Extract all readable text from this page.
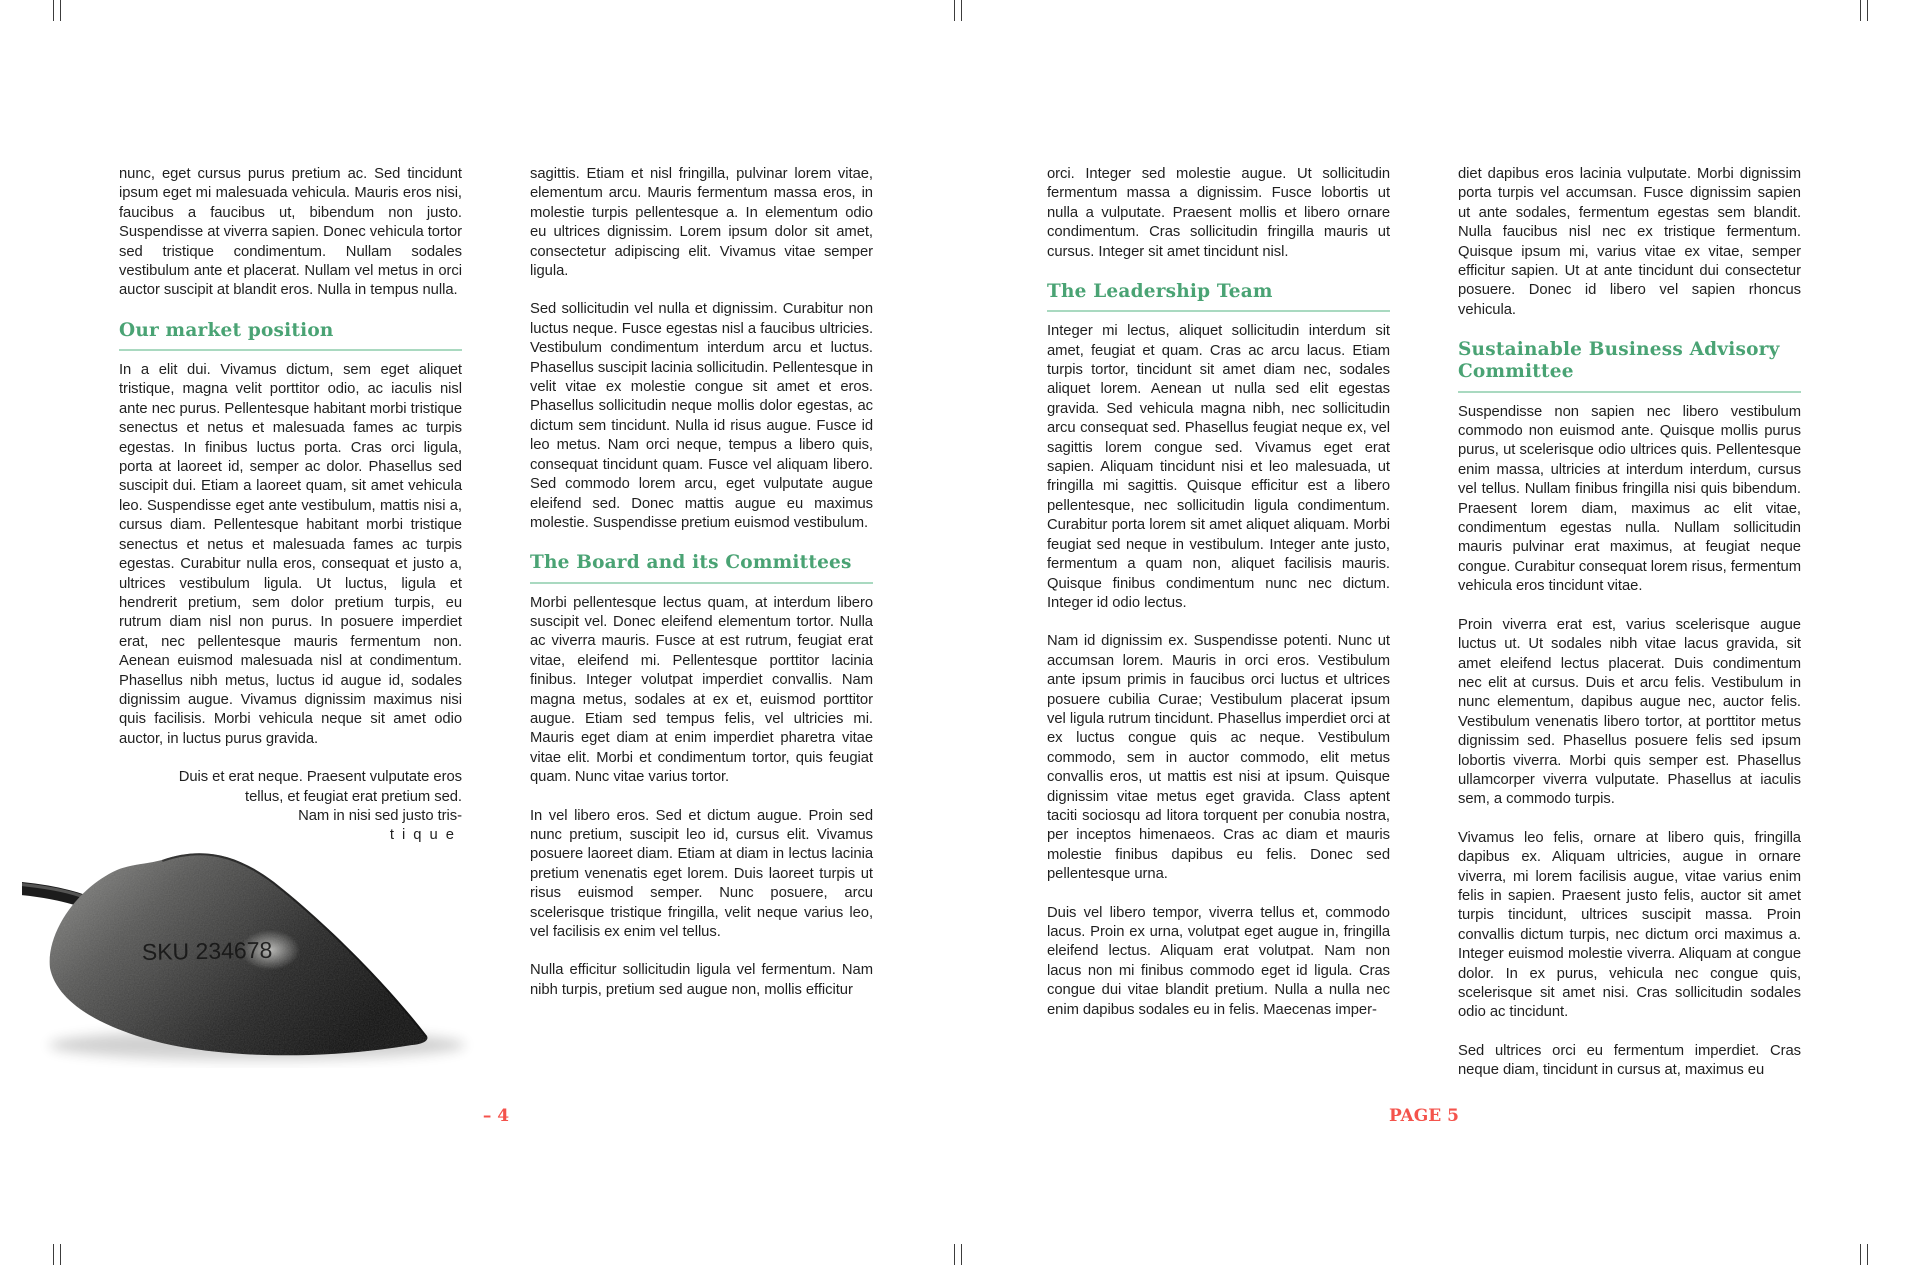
nunc, eget cursus purus pretium ac. Sed tincidunt ipsum eget mi malesuada vehicula. Mauris eros nisi, faucibus a faucibus ut, bibendum non justo. Suspendisse at viverra sapien. Donec vehicula tortor sed tristique condimentum. Nullam sodales vestibulum ante et placerat. Nullam vel metus in orci auctor suscipit at blandit eros. Nulla in tempus nulla.

Our market position

In a elit dui. Vivamus dictum, sem eget aliquet tristique, magna velit porttitor odio, ac iaculis nisl ante nec purus. Pellentesque habitant morbi tristique senectus et netus et malesuada fames ac turpis egestas. In finibus luctus porta. Cras orci ligula, porta at laoreet id, semper ac dolor. Phasellus sed suscipit dui. Etiam a laoreet quam, sit amet vehicula leo. Suspendisse eget ante vestibulum, mattis nisi a, cursus diam. Pellentesque habitant morbi tristique senectus et netus et malesuada fames ac turpis egestas. Curabitur nulla eros, consequat et justo a, ultrices vestibulum ligula. Ut luctus, ligula et hendrerit pretium, sem dolor pretium turpis, eu rutrum diam nisl non purus. In posuere imperdiet erat, nec pellentesque mauris fermentum non. Aenean euismod malesuada nisl at condimentum. Phasellus nibh metus, luctus id augue id, sodales dignissim augue. Vivamus dignissim maximus nisi quis facilisis. Morbi vehicula neque sit amet odio auctor, in luctus purus gravida.

Duis et erat neque. Praesent vulputate eros tellus, et feugiat erat pretium sed. Nam in nisi sed justo tris-
tique

sagittis. Etiam et nisl fringilla, pulvinar lorem vitae, elementum arcu. Mauris fermentum massa eros, in molestie turpis pellentesque a. In elementum odio eu ultrices dignissim. Lorem ipsum dolor sit amet, consectetur adipiscing elit. Vivamus vitae semper ligula.

Sed sollicitudin vel nulla et dignissim. Curabitur non luctus neque. Fusce egestas nisl a faucibus ultricies. Vestibulum condimentum interdum arcu et luctus. Phasellus suscipit lacinia sollicitudin. Pellentesque in velit vitae ex molestie congue sit amet et eros. Phasellus sollicitudin neque mollis dolor egestas, ac dictum sem tincidunt. Nulla id risus augue. Fusce id leo metus. Nam orci neque, tempus a libero quis, consequat tincidunt quam. Fusce vel aliquam libero. Sed commodo lorem arcu, eget vulputate augue eleifend sed. Donec mattis augue eu maximus molestie. Suspendisse pretium euismod vestibulum.

The Board and its Committees

Morbi pellentesque lectus quam, at interdum libero suscipit vel. Donec eleifend elementum tortor. Nulla ac viverra mauris. Fusce at est rutrum, feugiat erat vitae, eleifend mi. Pellentesque porttitor lacinia finibus. Integer volutpat imperdiet convallis. Nam magna metus, sodales at ex et, euismod porttitor augue. Etiam sed tempus felis, vel ultricies mi. Mauris eget diam at enim imperdiet pharetra vitae vitae elit. Morbi et condimentum tortor, quis feugiat quam. Nunc vitae varius tortor.

In vel libero eros. Sed et dictum augue. Proin sed nunc pretium, suscipit leo id, cursus elit. Vivamus posuere laoreet diam. Etiam at diam in lectus lacinia pretium venenatis eget lorem. Duis laoreet turpis ut risus euismod semper. Nunc posuere, arcu scelerisque tristique fringilla, velit neque varius leo, vel facilisis ex enim vel tellus.

Nulla efficitur sollicitudin ligula vel fermentum. Nam nibh turpis, pretium sed augue non, mollis efficitur

orci. Integer sed molestie augue. Ut sollicitudin fermentum massa a dignissim. Fusce lobortis ut nulla a vulputate. Praesent mollis et libero ornare condimentum. Cras sollicitudin fringilla mauris ut cursus. Integer sit amet tincidunt nisl.

The Leadership Team

Integer mi lectus, aliquet sollicitudin interdum sit amet, feugiat et quam. Cras ac arcu lacus. Etiam turpis tortor, tincidunt sit amet diam nec, sodales aliquet lorem. Aenean ut nulla sed elit egestas gravida. Sed vehicula magna nibh, nec sollicitudin arcu consequat sed. Phasellus feugiat neque ex, vel sagittis lorem congue sed. Vivamus eget erat sapien. Aliquam tincidunt nisi et leo malesuada, ut fringilla mi sagittis. Quisque efficitur est a libero pellentesque, nec sollicitudin ligula condimentum. Curabitur porta lorem sit amet aliquet aliquam. Morbi feugiat sed neque in vestibulum. Integer ante justo, fermentum a quam non, aliquet facilisis mauris. Quisque finibus condimentum nunc nec dictum. Integer id odio lectus.

Nam id dignissim ex. Suspendisse potenti. Nunc ut accumsan lorem. Mauris in orci eros. Vestibulum ante ipsum primis in faucibus orci luctus et ultrices posuere cubilia Curae; Vestibulum placerat ipsum vel ligula rutrum tincidunt. Phasellus imperdiet orci at ex luctus congue quis ac neque. Vestibulum commodo, sem in auctor commodo, elit metus convallis eros, ut mattis est nisi at ipsum. Quisque dignissim vitae metus eget gravida. Class aptent taciti sociosqu ad litora torquent per conubia nostra, per inceptos himenaeos. Cras ac diam et mauris molestie finibus dapibus eu felis. Donec sed pellentesque urna.

Duis vel libero tempor, viverra tellus et, commodo lacus. Proin ex urna, volutpat eget augue in, fringilla eleifend lectus. Aliquam erat volutpat. Nam non lacus non mi finibus commodo eget id ligula. Cras congue dui vitae blandit pretium. Nulla a nulla nec enim dapibus sodales eu in felis. Maecenas imper-

diet dapibus eros lacinia vulputate. Morbi dignissim porta turpis vel accumsan. Fusce dignissim sapien ut ante sodales, fermentum egestas sem blandit. Nulla faucibus nisl nec ex tristique fermentum. Quisque ipsum mi, varius vitae ex vitae, semper efficitur sapien. Ut at ante tincidunt dui consectetur posuere. Donec id libero vel sapien rhoncus vehicula.

Sustainable Business Advisory Committee

Suspendisse non sapien nec libero vestibulum commodo non euismod ante. Quisque mollis purus purus, ut scelerisque odio ultrices quis. Pellentesque enim massa, ultricies at interdum interdum, cursus vel tellus. Nullam finibus fringilla nisi quis bibendum. Praesent lorem diam, maximus ac elit vitae, condimentum egestas nulla. Nullam sollicitudin mauris pulvinar erat maximus, at feugiat neque congue. Curabitur consequat lorem risus, fermentum vehicula eros tincidunt vitae.

Proin viverra erat est, varius scelerisque augue luctus ut. Ut sodales nibh vitae lacus gravida, sit amet eleifend lectus placerat. Duis condimentum nec elit at cursus. Duis et arcu felis. Vestibulum in nunc elementum, dapibus augue nec, auctor felis. Vestibulum venenatis libero tortor, at porttitor metus dignissim sed. Phasellus posuere felis sed ipsum lobortis viverra. Morbi quis semper est. Phasellus ullamcorper viverra vulputate. Phasellus at iaculis sem, a commodo turpis.

Vivamus leo felis, ornare at libero quis, fringilla dapibus ex. Aliquam ultricies, augue in ornare viverra, mi lorem facilisis augue, vitae varius enim felis in sapien. Praesent justo felis, auctor sit amet turpis tincidunt, ultrices suscipit massa. Proin convallis dictum turpis, nec dictum orci maximus a. Integer euismod molestie viverra. Aliquam at congue dolor. In ex purus, vehicula nec congue quis, scelerisque sit amet nisi. Cras sollicitudin sodales odio ac tincidunt.

Sed ultrices orci eu fermentum imperdiet. Cras neque diam, tincidunt in cursus at, maximus eu

SKU 234678
– 4	PAGE 5
